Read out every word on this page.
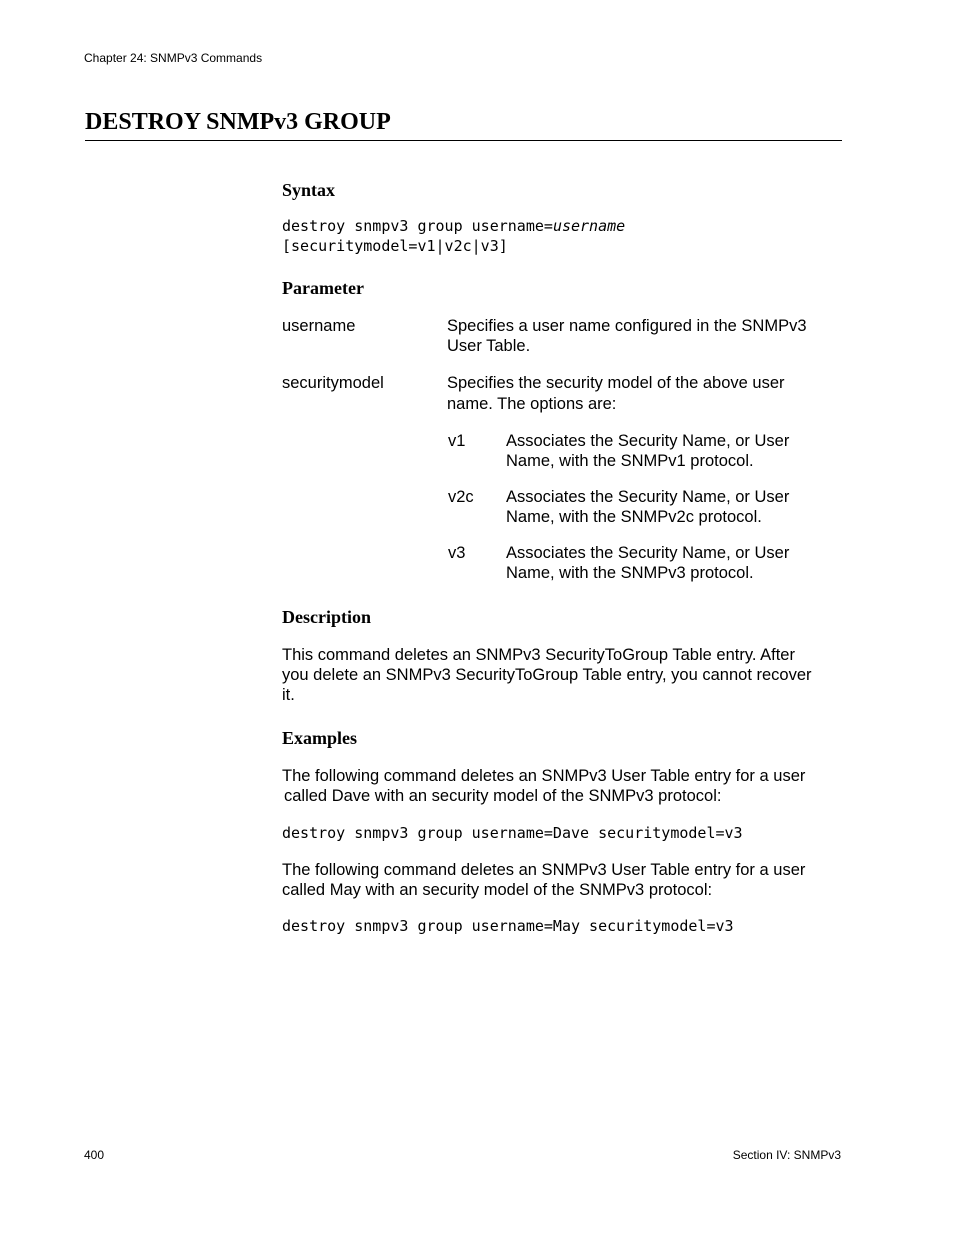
Chapter 24: SNMPv3 Commands
DESTROY SNMPv3 GROUP
Syntax
destroy snmpv3 group username=username
[securitymodel=v1|v2c|v3]
Parameter
username	Specifies a user name configured in the SNMPv3
User Table.
securitymodel	Specifies the security model of the above user
name. The options are:
v1 Associates the Security Name, or User
Name, with the SNMPv1 protocol.
v2c Associates the Security Name, or User
Name, with the SNMPv2c protocol.
v3 Associates the Security Name, or User
Name, with the SNMPv3 protocol.
Description
This command deletes an SNMPv3 SecurityToGroup Table entry. After
you delete an SNMPv3 SecurityToGroup Table entry, you cannot recover
it.
Examples
The following command deletes an SNMPv3 User Table entry for a user
called Dave with an security model of the SNMPv3 protocol:
destroy snmpv3 group username=Dave securitymodel=v3
The following command deletes an SNMPv3 User Table entry for a user
called May with an security model of the SNMPv3 protocol:
destroy snmpv3 group username=May securitymodel=v3
400	Section IV: SNMPv3
